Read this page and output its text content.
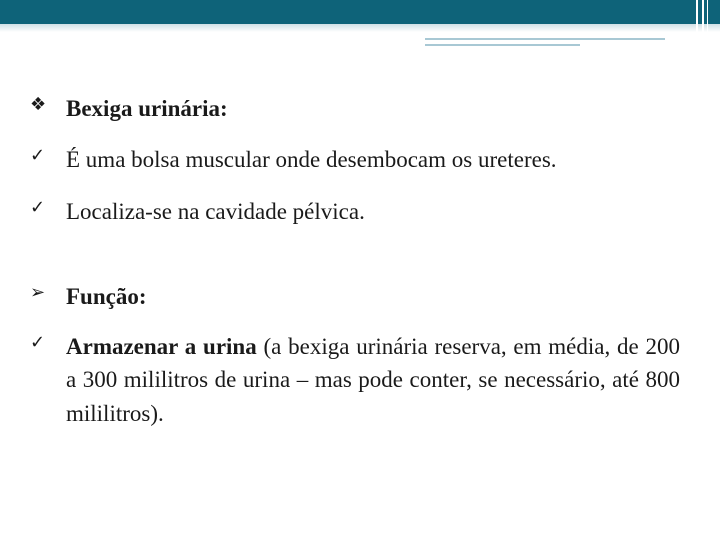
❖ Bexiga urinária:
✓ É uma bolsa muscular onde desembocam os ureteres.
✓ Localiza-se na cavidade pélvica.
➢ Função:
✓ Armazenar a urina (a bexiga urinária reserva, em média, de 200 a 300 mililitros de urina – mas pode conter, se necessário, até 800 mililitros).
